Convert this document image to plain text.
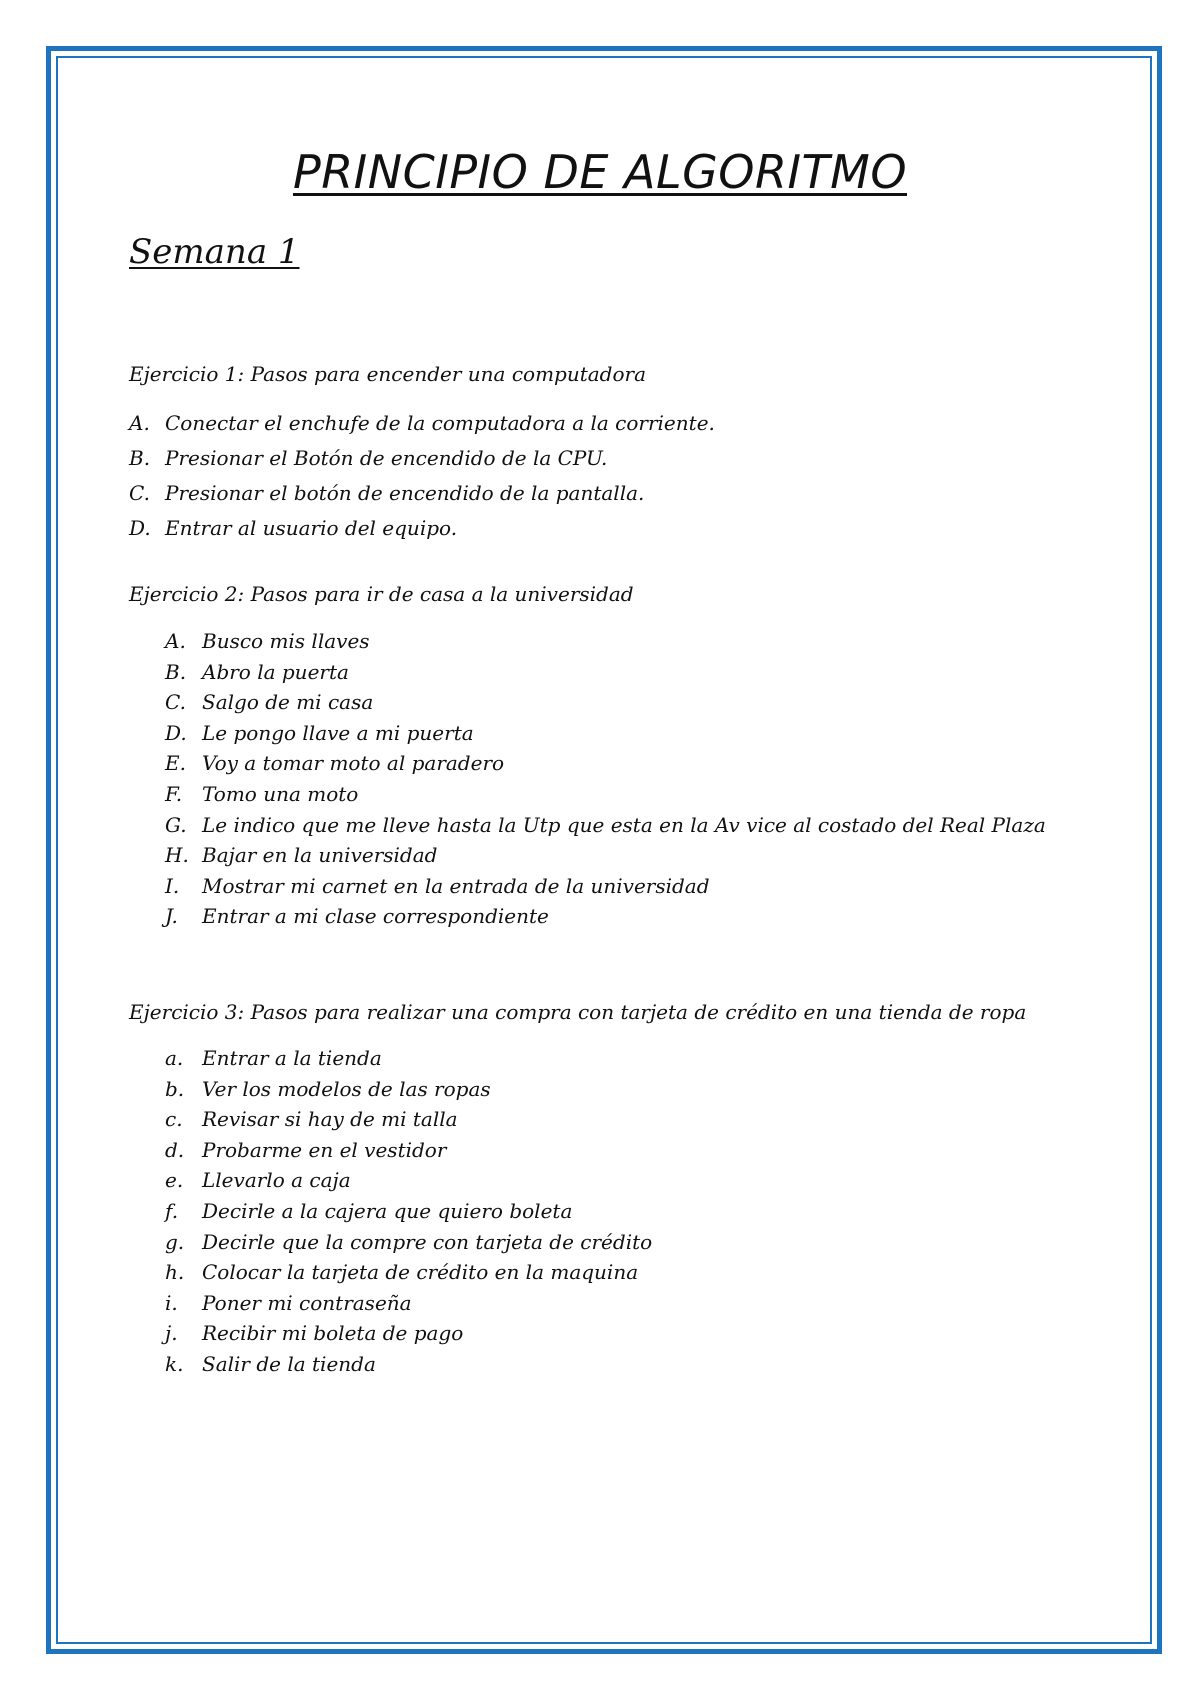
PRINCIPIO DE ALGORITMO
Semana 1
Ejercicio 1: Pasos para encender una computadora
A. Conectar el enchufe de la computadora a la corriente.
B. Presionar el Botón de encendido de la CPU.
C. Presionar el botón de encendido de la pantalla.
D. Entrar al usuario del equipo.
Ejercicio 2: Pasos para ir de casa a la universidad
A. Busco mis llaves
B. Abro la puerta
C. Salgo de mi casa
D. Le pongo llave a mi puerta
E. Voy a tomar moto al paradero
F. Tomo una moto
G. Le indico que me lleve hasta la Utp que esta en la Av vice al costado del Real Plaza
H. Bajar en la universidad
I. Mostrar mi carnet en la entrada de la universidad
J. Entrar a mi clase correspondiente
Ejercicio 3: Pasos para realizar una compra con tarjeta de crédito en una tienda de ropa
a. Entrar a la tienda
b. Ver los modelos de las ropas
c. Revisar si hay de mi talla
d. Probarme en el vestidor
e. Llevarlo a caja
f. Decirle a la cajera que quiero boleta
g. Decirle que la compre con tarjeta de crédito
h. Colocar la tarjeta de crédito en la maquina
i. Poner mi contraseña
j. Recibir mi boleta de pago
k. Salir de la tienda
